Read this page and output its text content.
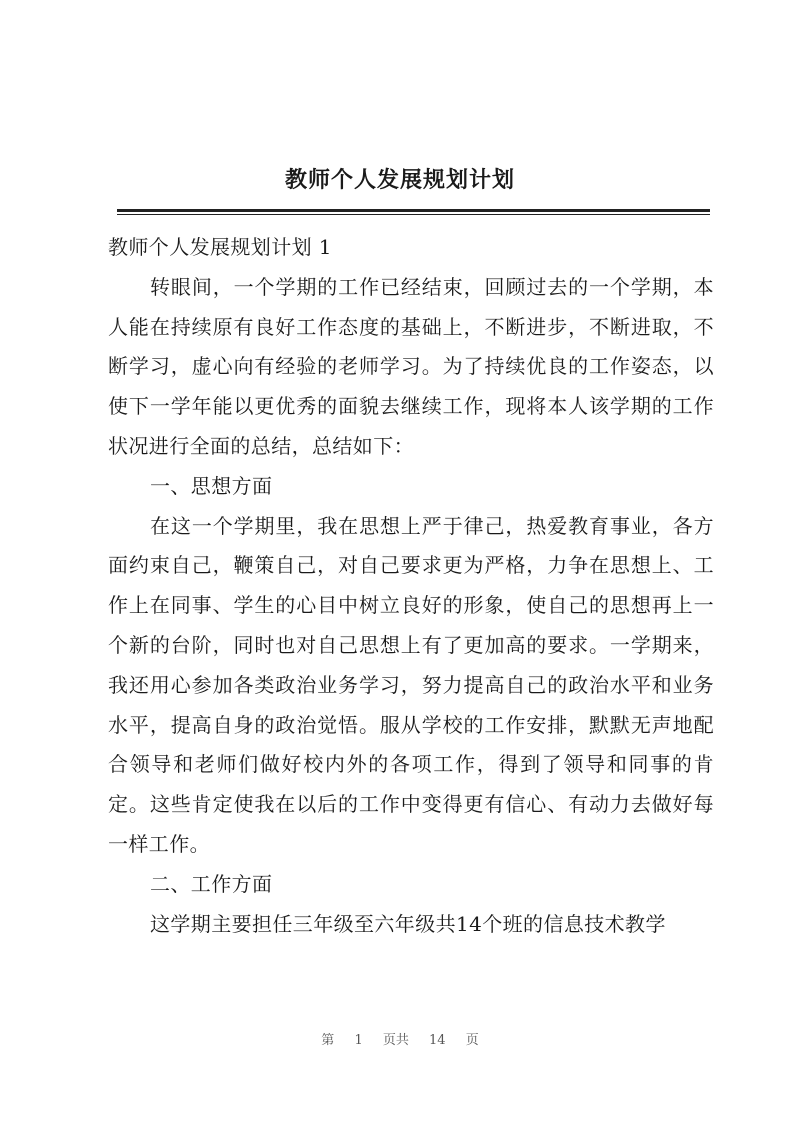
教师个人发展规划计划

教师个人发展规划计划 1

转眼间，一个学期的工作已经结束，回顾过去的一个学期，本人能在持续原有良好工作态度的基础上，不断进步，不断进取，不断学习，虚心向有经验的老师学习。为了持续优良的工作姿态，以使下一学年能以更优秀的面貌去继续工作，现将本人该学期的工作状况进行全面的总结，总结如下：

一、思想方面

在这一个学期里，我在思想上严于律己，热爱教育事业，各方面约束自己，鞭策自己，对自己要求更为严格，力争在思想上、工作上在同事、学生的心目中树立良好的形象，使自己的思想再上一个新的台阶，同时也对自己思想上有了更加高的要求。一学期来，我还用心参加各类政治业务学习，努力提高自己的政治水平和业务水平，提高自身的政治觉悟。服从学校的工作安排，默默无声地配合领导和老师们做好校内外的各项工作，得到了领导和同事的肯定。这些肯定使我在以后的工作中变得更有信心、有动力去做好每一样工作。

二、工作方面

这学期主要担任三年级至六年级共14个班的信息技术教学

第 1 页共 14 页
